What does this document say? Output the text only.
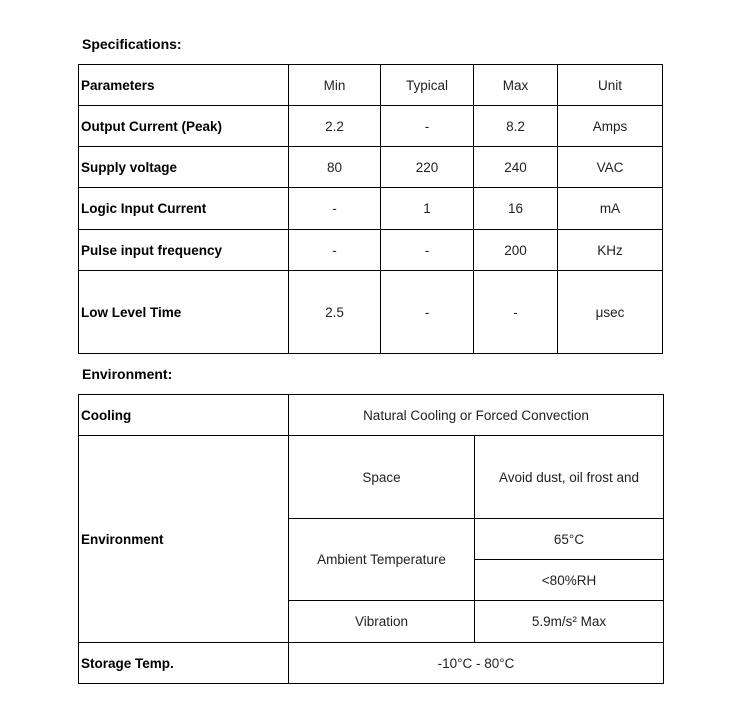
Specifications:
Parameters	Min	Typical	Max	Unit
Output Current (Peak)	2.2	-	8.2	Amps
Supply voltage	80	220	240	VAC
Logic Input Current	-	1	16	mA
Pulse input frequency	-	-	200	KHz
Low Level Time	2.5	-	-	μsec
Environment:
Cooling	Natural Cooling or Forced Convection	
Environment	Space	Avoid dust, oil frost and
	Ambient Temperature	65°C
		<80%RH
	Vibration	5.9m/s² Max
Storage Temp.	-10°C - 80°C	
